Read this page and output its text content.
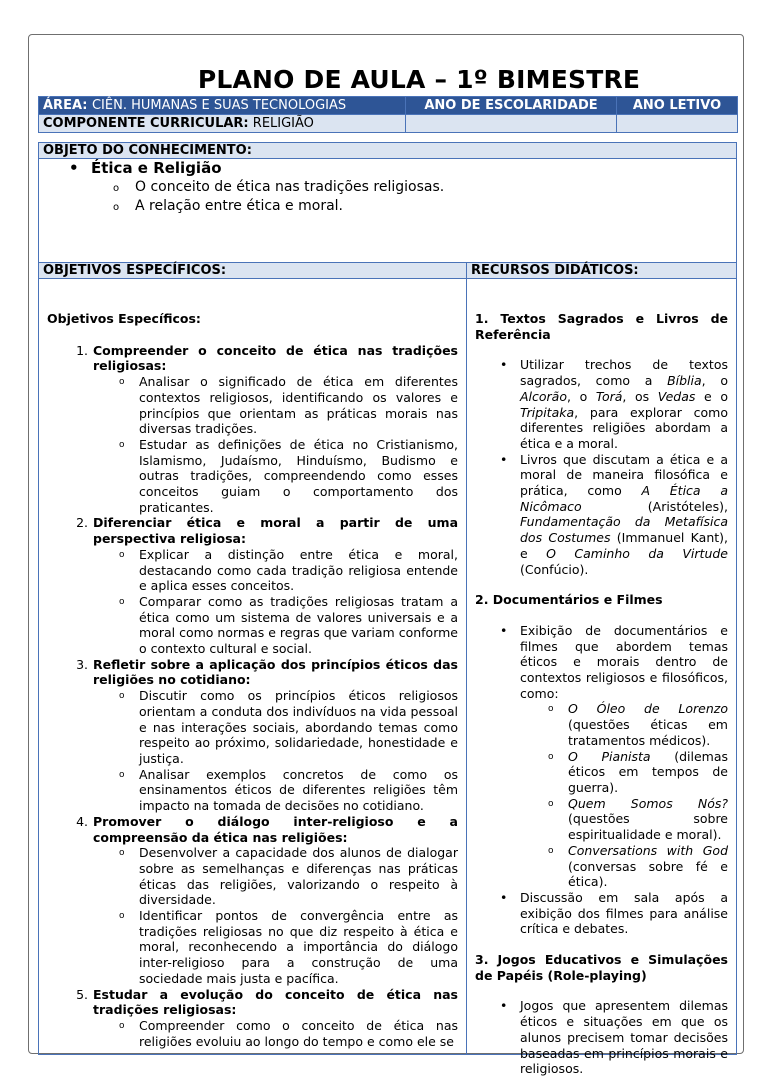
PLANO DE AULA – 1º BIMESTRE
ÁREA: CIÊN. HUMANAS E SUAS TECNOLOGIAS	ANO DE ESCOLARIDADE	ANO LETIVO
COMPONENTE CURRICULAR: RELIGIÃO		
OBJETO DO CONHECIMENTO:
• Ética e Religião
o O conceito de ética nas tradições religiosas.
o A relação entre ética e moral.
OBJETIVOS ESPECÍFICOS:	RECURSOS DIDÁTICOS:
Objetivos Específicos:
1. Compreender o conceito de ética nas tradições religiosas:
o Analisar o significado de ética em diferentes contextos religiosos, identificando os valores e princípios que orientam as práticas morais nas diversas tradições.
o Estudar as definições de ética no Cristianismo, Islamismo, Judaísmo, Hinduísmo, Budismo e outras tradições, compreendendo como esses conceitos guiam o comportamento dos praticantes.
2. Diferenciar ética e moral a partir de uma perspectiva religiosa:
o Explicar a distinção entre ética e moral, destacando como cada tradição religiosa entende e aplica esses conceitos.
o Comparar como as tradições religiosas tratam a ética como um sistema de valores universais e a moral como normas e regras que variam conforme o contexto cultural e social.
3. Refletir sobre a aplicação dos princípios éticos das religiões no cotidiano:
o Discutir como os princípios éticos religiosos orientam a conduta dos indivíduos na vida pessoal e nas interações sociais, abordando temas como respeito ao próximo, solidariedade, honestidade e justiça.
o Analisar exemplos concretos de como os ensinamentos éticos de diferentes religiões têm impacto na tomada de decisões no cotidiano.
4. Promover o diálogo inter-religioso e a compreensão da ética nas religiões:
o Desenvolver a capacidade dos alunos de dialogar sobre as semelhanças e diferenças nas práticas éticas das religiões, valorizando o respeito à diversidade.
o Identificar pontos de convergência entre as tradições religiosas no que diz respeito à ética e moral, reconhecendo a importância do diálogo inter-religioso para a construção de uma sociedade mais justa e pacífica.
5. Estudar a evolução do conceito de ética nas tradições religiosas:
o Compreender como o conceito de ética nas religiões evoluiu ao longo do tempo e como ele se
1. Textos Sagrados e Livros de Referência
• Utilizar trechos de textos sagrados, como a Bíblia, o Alcorão, o Torá, os Vedas e o Tripitaka, para explorar como diferentes religiões abordam a ética e a moral.
• Livros que discutam a ética e a moral de maneira filosófica e prática, como A Ética a Nicômaco (Aristóteles), Fundamentação da Metafísica dos Costumes (Immanuel Kant), e O Caminho da Virtude (Confúcio).
2. Documentários e Filmes
• Exibição de documentários e filmes que abordem temas éticos e morais dentro de contextos religiosos e filosóficos, como:
o O Óleo de Lorenzo (questões éticas em tratamentos médicos).
o O Pianista (dilemas éticos em tempos de guerra).
o Quem Somos Nós? (questões sobre espiritualidade e moral).
o Conversations with God (conversas sobre fé e ética).
• Discussão em sala após a exibição dos filmes para análise crítica e debates.
3. Jogos Educativos e Simulações de Papéis (Role-playing)
• Jogos que apresentem dilemas éticos e situações em que os alunos precisem tomar decisões baseadas em princípios morais e religiosos.
